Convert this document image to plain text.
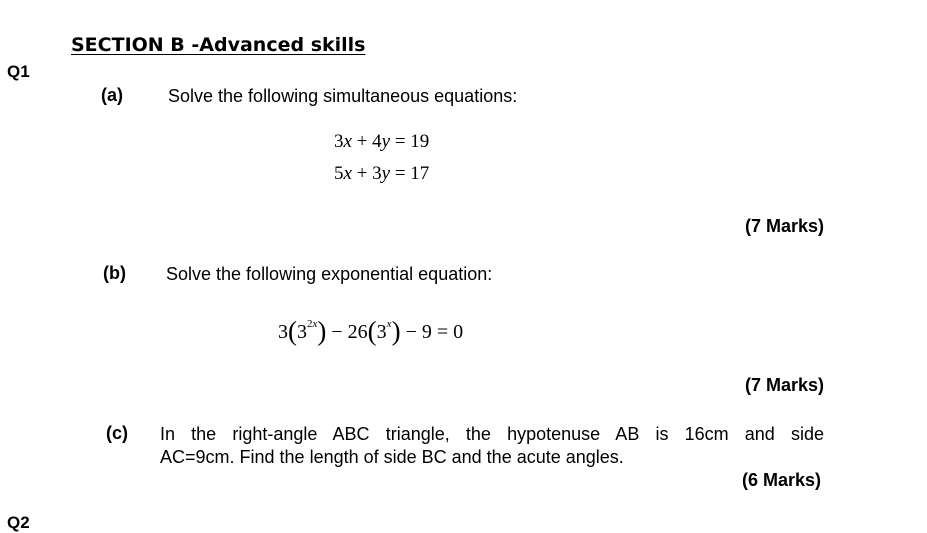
SECTION B -Advanced skills
Q1
(a)	Solve the following simultaneous equations:
3x + 4y = 19
5x + 3y = 17
(7 Marks)
(b) Solve the following exponential equation:
$3(3^{2x}) - 26(3^x) - 9 = 0$
(7 Marks)
(c) In the right-angle ABC triangle, the hypotenuse AB is 16cm and side
AC=9cm. Find the length of side BC and the acute angles.
(6 Marks)
Q2
